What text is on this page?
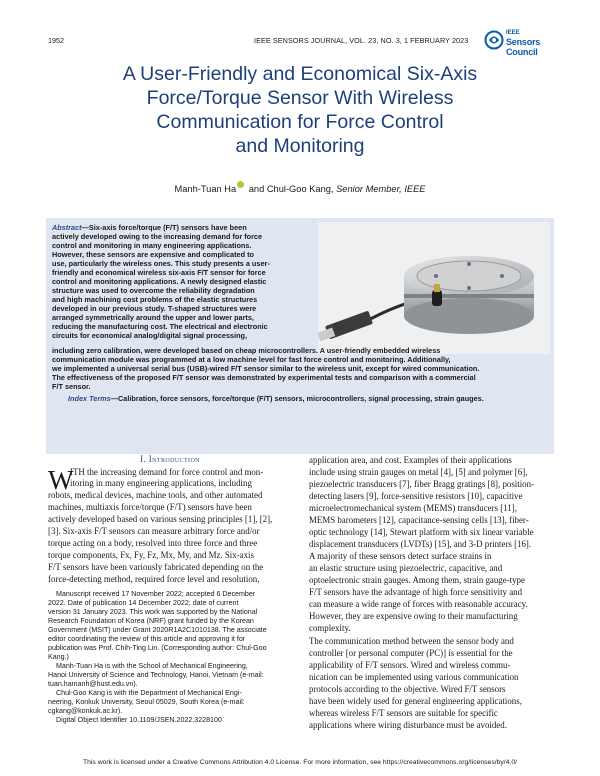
1952	IEEE SENSORS JOURNAL, VOL. 23, NO. 3, 1 FEBRUARY 2023
IEEE
Sensors Council
A User-Friendly and Economical Six-Axis
Force/Torque Sensor With Wireless
Communication for Force Control
and Monitoring
Manh-Tuan Ha and Chul-Goo Kang, Senior Member, IEEE
Abstract—Six-axis force/torque (F/T) sensors have been
actively developed owing to the increasing demand for force
control and monitoring in many engineering applications.
However, these sensors are expensive and complicated to
use, particularly the wireless ones. This study presents a user-
friendly and economical wireless six-axis F/T sensor for force
control and monitoring applications. A newly designed elastic
structure was used to overcome the reliability degradation
and high machining cost problems of the elastic structures
developed in our previous study. T-shaped structures were
arranged symmetrically around the upper and lower parts,
reducing the manufacturing cost. The electrical and electronic
circuits for economical analog/digital signal processing,
including zero calibration, were developed based on cheap microcontrollers. A user-friendly embedded wireless
communication module was programmed at a low machine level for fast force control and monitoring. Additionally,
we implemented a universal serial bus (USB)-wired F/T sensor similar to the wireless unit, except for wired communication.
The effectiveness of the proposed F/T sensor was demonstrated by experimental tests and comparison with a commercial
F/T sensor.
Index Terms—Calibration, force sensors, force/torque (F/T) sensors, microcontrollers, signal processing, strain gauges.
I. Introduction
W
ITH the increasing demand for force control and mon-
itoring in many engineering applications, including
robots, medical devices, machine tools, and other automated
machines, multiaxis force/torque (F/T) sensors have been
actively developed based on various sensing principles [1], [2],
[3]. Six-axis F/T sensors can measure arbitrary force and/or
torque acting on a body, resolved into three force and three
torque components, Fx, Fy, Fz, Mx, My, and Mz. Six-axis
F/T sensors have been variously fabricated depending on the
force-detecting method, required force level and resolution,
Manuscript received 17 November 2022; accepted 6 December
2022. Date of publication 14 December 2022; date of current
version 31 January 2023. This work was supported by the National
Research Foundation of Korea (NRF) grant funded by the Korean
Government (MSIT) under Grant 2020R1A2C1010138. The associate
editor coordinating the review of this article and approving it for
publication was Prof. Chih-Ting Lin. (Corresponding author: Chul-Goo
Kang.)
Manh-Tuan Ha is with the School of Mechanical Engineering,
Hanoi University of Science and Technology, Hanoi, Vietnam (e-mail:
tuan.hamanh@hust.edu.vn).
Chul-Goo Kang is with the Department of Mechanical Engi-
neering, Konkuk University, Seoul 05029, South Korea (e-mail:
cgkang@konkuk.ac.kr).
Digital Object Identifier 10.1109/JSEN.2022.3228100
application area, and cost. Examples of their applications
include using strain gauges on metal [4], [5] and polymer [6],
piezoelectric transducers [7], fiber Bragg gratings [8], position-
detecting lasers [9], force-sensitive resistors [10], capacitive
microelectromechanical system (MEMS) transducers [11],
MEMS barometers [12], capacitance-sensing cells [13], fiber-
optic technology [14], Stewart platform with six linear variable
displacement transducers (LVDTs) [15], and 3-D printers [16].
A majority of these sensors detect surface strains in
an elastic structure using piezoelectric, capacitive, and
optoelectronic strain gauges. Among them, strain gauge-type
F/T sensors have the advantage of high force sensitivity and
can measure a wide range of forces with reasonable accuracy.
However, they are expensive owing to their manufacturing
complexity.
The communication method between the sensor body and
controller [or personal computer (PC)] is essential for the
applicability of F/T sensors. Wired and wireless commu-
nication can be implemented using various communication
protocols according to the objective. Wired F/T sensors
have been widely used for general engineering applications,
whereas wireless F/T sensors are suitable for specific
applications where wiring disturbance must be avoided.
This work is licensed under a Creative Commons Attribution 4.0 License. For more information, see https://creativecommons.org/licenses/by/4.0/
